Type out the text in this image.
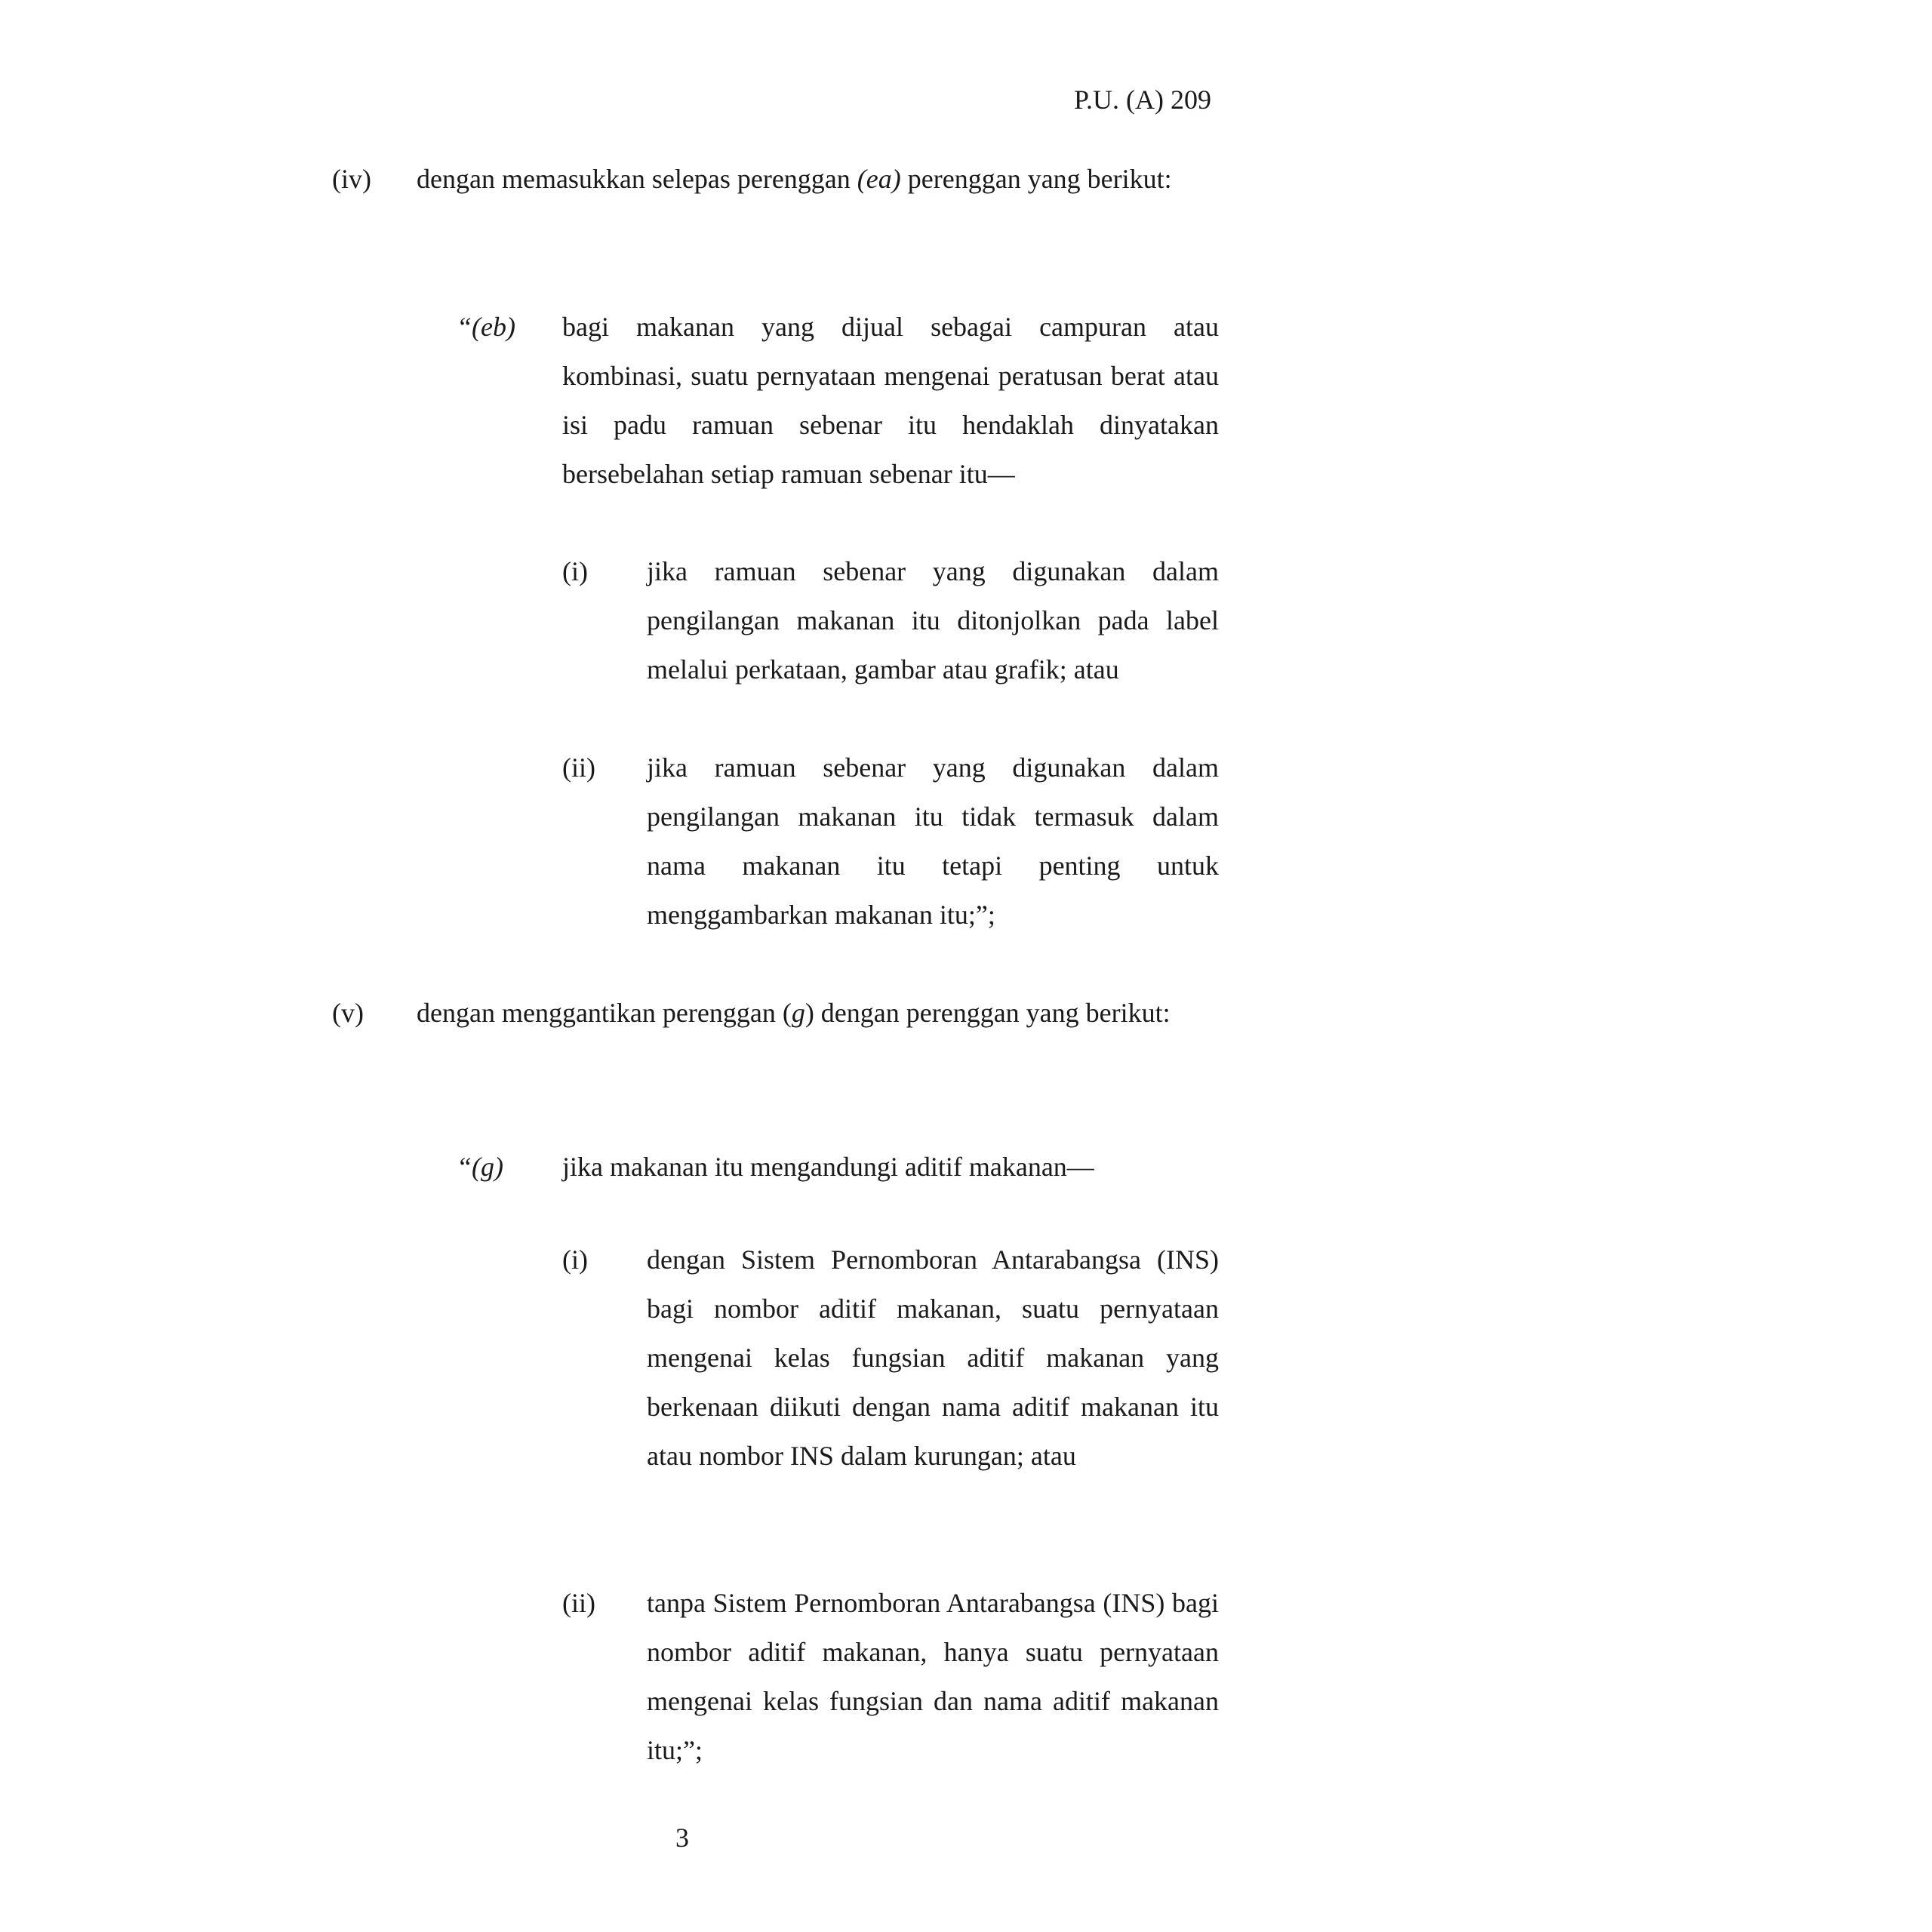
P.U. (A) 209
(iv) dengan memasukkan selepas perenggan (ea) perenggan yang berikut:
“(eb) bagi makanan yang dijual sebagai campuran atau kombinasi, suatu pernyataan mengenai peratusan berat atau isi padu ramuan sebenar itu hendaklah dinyatakan bersebelahan setiap ramuan sebenar itu—
(i) jika ramuan sebenar yang digunakan dalam pengilangan makanan itu ditonjolkan pada label melalui perkataan, gambar atau grafik; atau
(ii) jika ramuan sebenar yang digunakan dalam pengilangan makanan itu tidak termasuk dalam nama makanan itu tetapi penting untuk menggambarkan makanan itu;”;
(v) dengan menggantikan perenggan (g) dengan perenggan yang berikut:
“(g) jika makanan itu mengandungi aditif makanan—
(i) dengan Sistem Pernomboran Antarabangsa (INS) bagi nombor aditif makanan, suatu pernyataan mengenai kelas fungsian aditif makanan yang berkenaan diikuti dengan nama aditif makanan itu atau nombor INS dalam kurungan; atau
(ii) tanpa Sistem Pernomboran Antarabangsa (INS) bagi nombor aditif makanan, hanya suatu pernyataan mengenai kelas fungsian dan nama aditif makanan itu;”;
3
